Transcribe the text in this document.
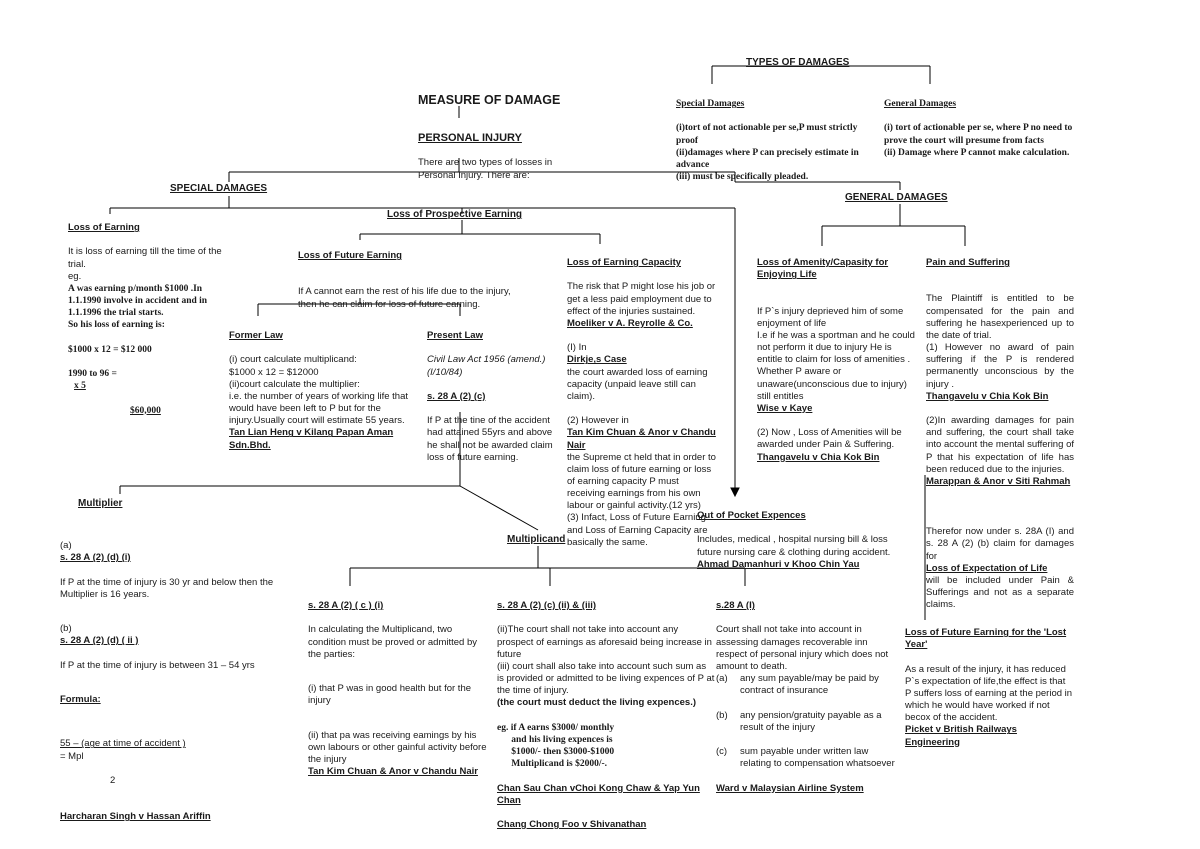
TYPES OF DAMAGES

Special Damages

(i)tort of not actionable per se,P must strictly proof
(ii)damages where P can precisely estimate in advance
(iii) must be specifically pleaded.

General Damages

(i) tort of actionable per se, where P no need to prove the court will presume from facts
(ii) Damage where P cannot make calculation.

MEASURE OF DAMAGE

PERSONAL INJURY

There are two types of losses in Personal Injury. There are:

SPECIAL DAMAGES
GENERAL DAMAGES

Loss of Earning

It is loss of earning till the time of the trial.
eg.

A was earning p/month $1000 .In 1.1.1990 involve in accident and in 1.1.1996 the trial starts.
So his loss of earning is:

$1000 x 12 = $12 000

1990 to 96 =
x 5

$60,000

Loss of Prospective Earning

Loss of Future Earning

If A cannot earn the rest of his life due to the injury, then he can claim for loss of future earning.

Former Law

(i) court calculate multiplicand:
$1000 x 12 = $12000
(ii)court calculate the multiplier:
i.e. the number of years of working life that would have been left to P but for the injury.Usually court will estimate 55 years.

Tan Lian Heng v Kilang Papan Aman Sdn.Bhd.

Present Law

Civil Law Act 1956 (amend.)
(I/10/84)

s. 28 A (2) (c)

If P at the tine of the accident had attained 55yrs and above he shall not be awarded claim loss of future earning.

Loss of Earning Capacity

The risk that P might lose his job or get a less paid employment due to effect of the injuries sustained.

Moeliker v A. Reyrolle & Co.

(I) In
Dirkje,s Case
the court awarded loss of earning capacity (unpaid leave still can claim).

(2) However in
Tan Kim Chuan & Anor v Chandu Nair
the Supreme ct held that in order to claim loss of future earning or loss of earning capacity P must receiving earnings from his own labour or gainful activity.(12 yrs)
(3) Infact, Loss of Future Earning and Loss of Earning Capacity are basically the same.

Loss of Amenity/Capasity for Enjoying Life

If P`s injury deprieved him of some enjoyment of life
I.e if he was a sportman and he could not perform it due to injury He is entitle to claim for loss of amenities .
Whether P aware or unaware(unconscious due to injury) still entitles

Wise v Kaye

(2) Now , Loss of Amenities will be awarded under Pain & Suffering.

Thangavelu v Chia Kok Bin

Pain and Suffering

The Plaintiff is entitled to be compensated for the pain and suffering he hasexperienced up to the date of trial.
(1) However no award of pain suffering if the P is rendered permanently unconscious by the injury .

Thangavelu v Chia Kok Bin

(2)In awarding damages for pain and suffering, the court shall take into account the mental suffering of P that his expectation of life has been reduced due to the injuries.

Marappan & Anor v Siti Rahmah

Therefor now under s. 28A (I) and s. 28 A (2) (b) claim for damages for
Loss of Expectation of Life
will be included under Pain & Sufferings and not as a separate claims.

Out of Pocket Expences

Includes, medical , hospital nursing bill & loss future nursing care & clothing during accident.

Ahmad Damanhuri v Khoo Chin Yau

Multiplier

(a)
s. 28 A (2) (d) (i)

If P at the time of injury is 30 yr and below then the Multiplier is 16 years.

(b)
s. 28 A (2) (d) ( ii )

If P at the time of injury is between 31 – 54 yrs

Formula:

55 – (age at time of accident )
= Mpl

2

Harcharan Singh v Hassan Ariffin

Multiplicand

s. 28 A (2) ( c ) (i)

In calculating the Multiplicand, two condition must be proved or admitted by the parties:

(i) that P was in good health but for the injury

(ii) that pa was receiving eamings by his own labours or other gainful activity before the injury

Tan Kim Chuan & Anor v Chandu Nair

s. 28 A (2) (c) (ii) & (iii)

(ii)The court shall not take into account any prospect of earnings as aforesaid being increase in future
(iii) court shall also take into account such sum as is provided or admitted to be living expences of P at the time of injury.

(the court must deduct the living expences.)

eg. if A earns $3000/ monthly
and his living expences is
$1000/- then $3000-$1000
Multiplicand is $2000/-.

Chan Sau Chan vChoi Kong Chaw & Yap Yun Chan

Chang Chong Foo v Shivanathan

s.28 A (I)

Court shall not take into account in assessing damages recoverable inn respect of personal injury which does not amount to death.

(a)	any sum payable/may be paid by contract of insurance

(b)	any pension/gratuity payable as a result of the injury

(c)	sum payable under written law relating to compensation whatsoever

Ward v Malaysian Airline System

Loss of Future Earning for the 'Lost Year'

As a result of the injury, it has reduced P`s expectation of life,the effect is that P suffers loss of earning at the period in which he would have worked if not becox of the accident.

Picket v British Railways Engineering
